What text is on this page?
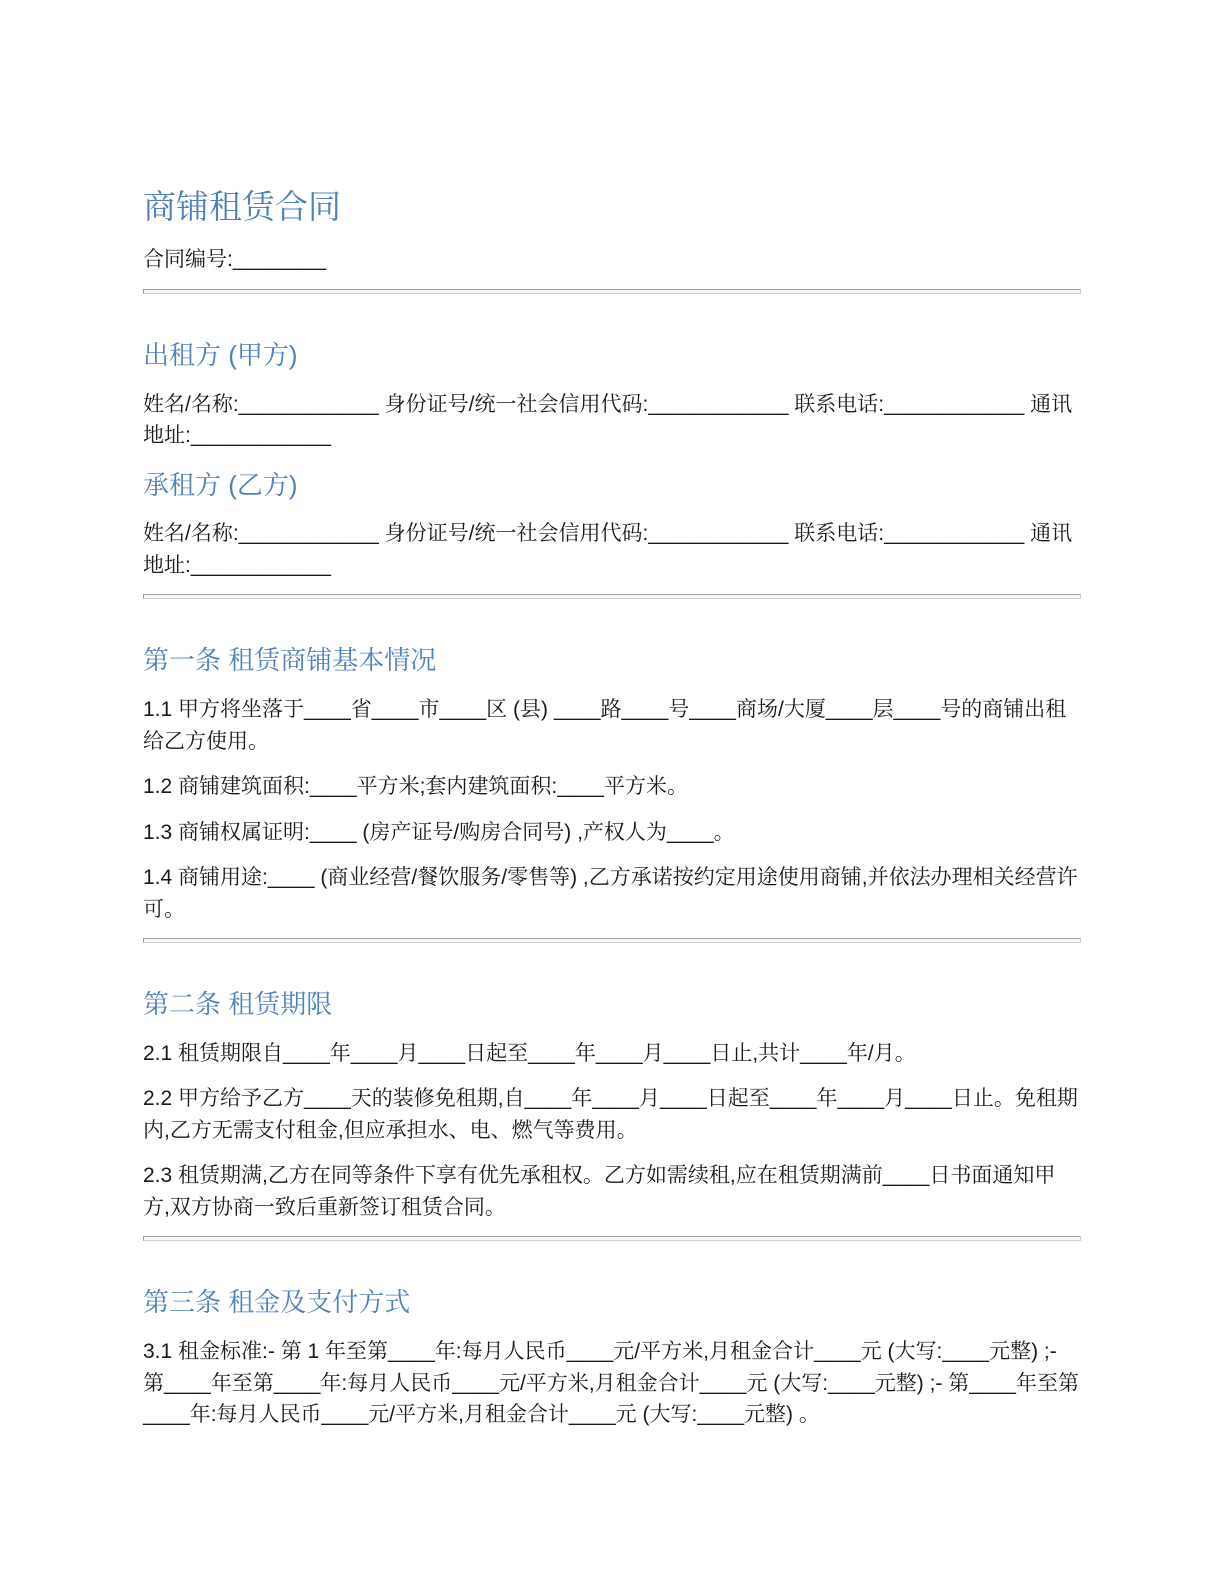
商铺租赁合同

合同编号:________

出租方 (甲方)

姓名/名称:____________ 身份证号/统一社会信用代码:____________ 联系电话:____________ 通讯地址:____________

承租方 (乙方)

姓名/名称:____________ 身份证号/统一社会信用代码:____________ 联系电话:____________ 通讯地址:____________

第一条 租赁商铺基本情况

1.1 甲方将坐落于____省____市____区 (县) ____路____号____商场/大厦____层____号的商铺出租给乙方使用。

1.2 商铺建筑面积:____平方米;套内建筑面积:____平方米。

1.3 商铺权属证明:____ (房产证号/购房合同号) ,产权人为____。

1.4 商铺用途:____ (商业经营/餐饮服务/零售等) ,乙方承诺按约定用途使用商铺,并依法办理相关经营许可。

第二条 租赁期限

2.1 租赁期限自____年____月____日起至____年____月____日止,共计____年/月。

2.2 甲方给予乙方____天的装修免租期,自____年____月____日起至____年____月____日止。免租期内,乙方无需支付租金,但应承担水、电、燃气等费用。

2.3 租赁期满,乙方在同等条件下享有优先承租权。乙方如需续租,应在租赁期满前____日书面通知甲方,双方协商一致后重新签订租赁合同。

第三条 租金及支付方式

3.1 租金标准:- 第 1 年至第____年:每月人民币____元/平方米,月租金合计____元 (大写:____元整) ;- 第____年至第____年:每月人民币____元/平方米,月租金合计____元 (大写:____元整) ;- 第____年至第____年:每月人民币____元/平方米,月租金合计____元 (大写:____元整) 。
